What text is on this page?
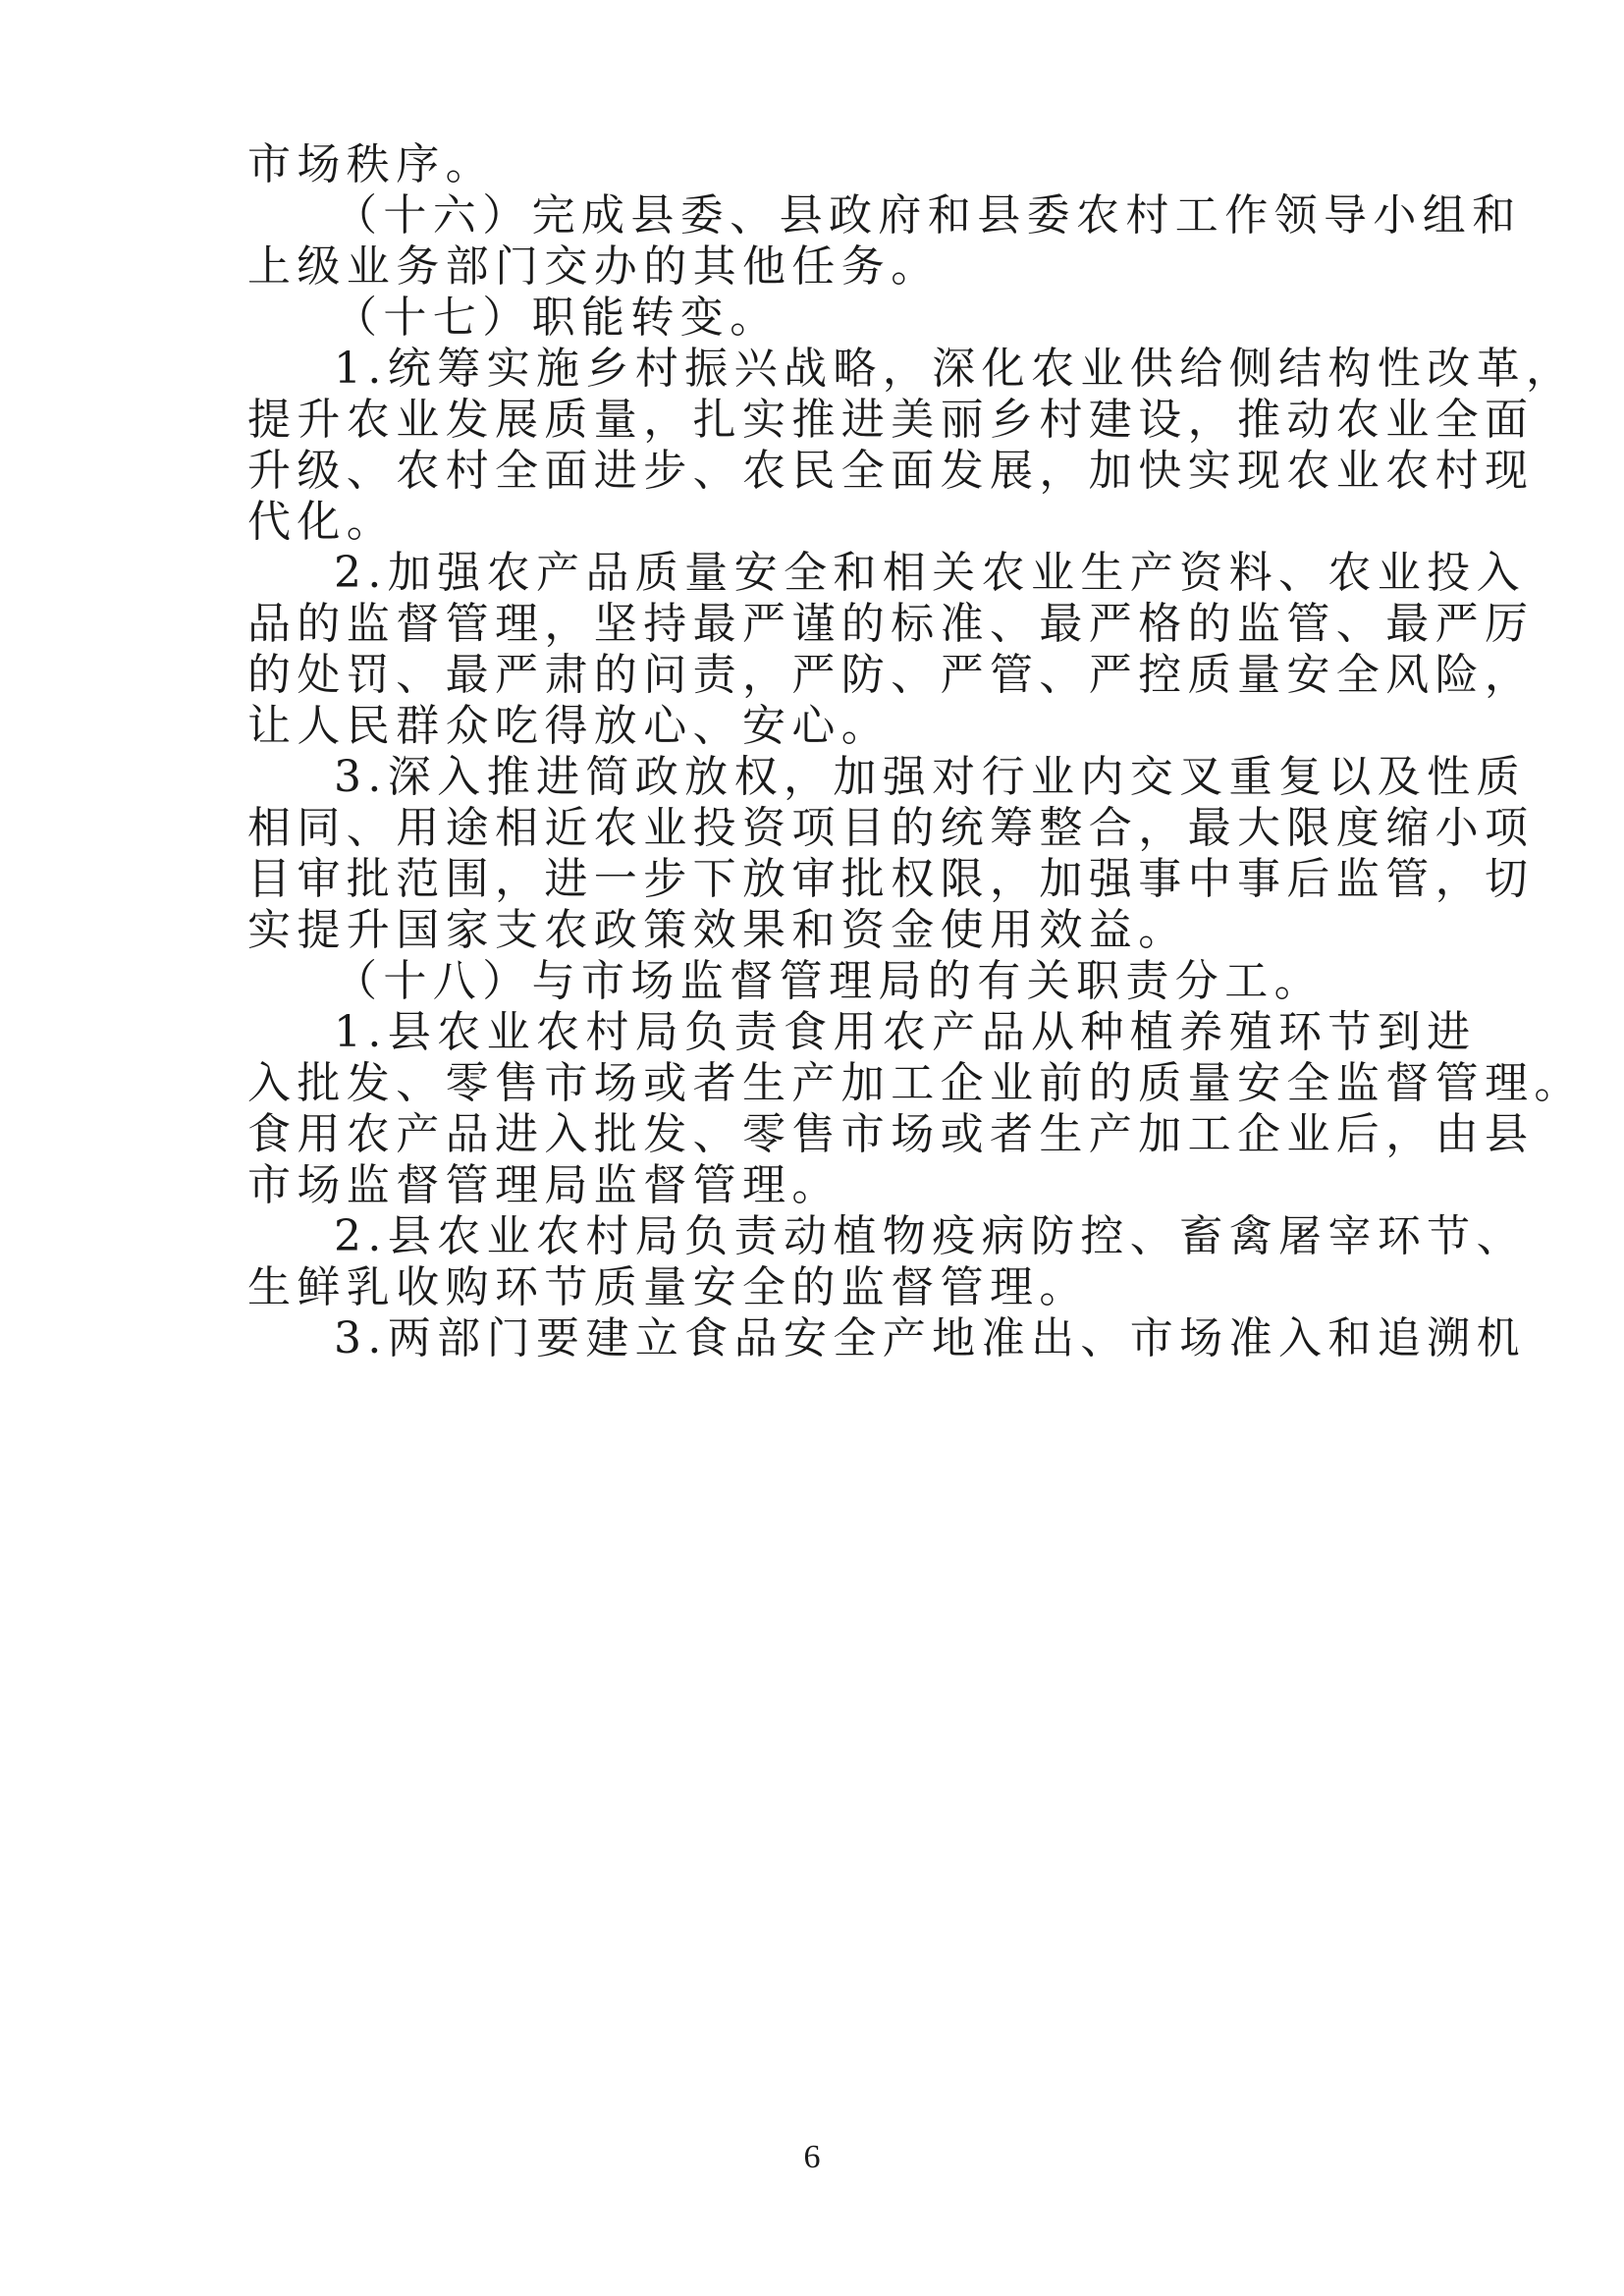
市场秩序。
（十六）完成县委、县政府和县委农村工作领导小组和
上级业务部门交办的其他任务。
（十七）职能转变。
1.统筹实施乡村振兴战略，深化农业供给侧结构性改革，
提升农业发展质量，扎实推进美丽乡村建设，推动农业全面
升级、农村全面进步、农民全面发展，加快实现农业农村现
代化。
2.加强农产品质量安全和相关农业生产资料、农业投入
品的监督管理，坚持最严谨的标准、最严格的监管、最严厉
的处罚、最严肃的问责，严防、严管、严控质量安全风险，
让人民群众吃得放心、安心。
3.深入推进简政放权，加强对行业内交叉重复以及性质
相同、用途相近农业投资项目的统筹整合，最大限度缩小项
目审批范围，进一步下放审批权限，加强事中事后监管，切
实提升国家支农政策效果和资金使用效益。
（十八）与市场监督管理局的有关职责分工。
1.县农业农村局负责食用农产品从种植养殖环节到进
入批发、零售市场或者生产加工企业前的质量安全监督管理。
食用农产品进入批发、零售市场或者生产加工企业后，由县
市场监督管理局监督管理。
2.县农业农村局负责动植物疫病防控、畜禽屠宰环节、
生鲜乳收购环节质量安全的监督管理。
3.两部门要建立食品安全产地准出、市场准入和追溯机
6
